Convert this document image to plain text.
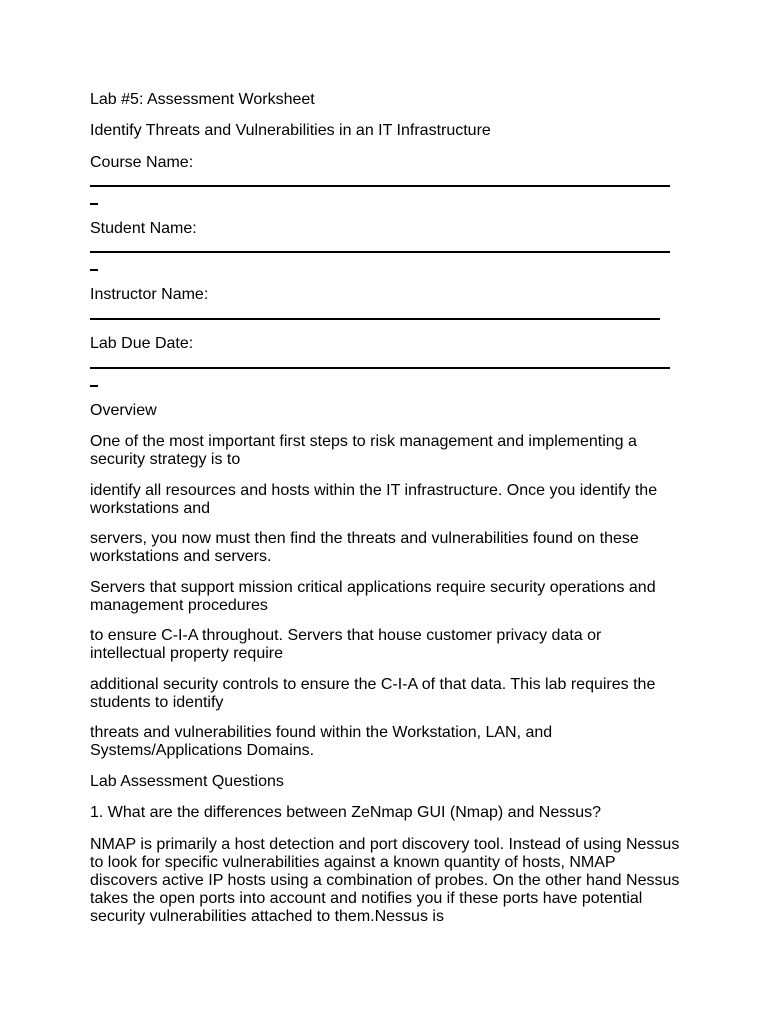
Lab #5: Assessment Worksheet

Identify Threats and Vulnerabilities in an IT Infrastructure

Course Name:

Student Name:

Instructor Name:

Lab Due Date:

Overview

One of the most important first steps to risk management and implementing a security strategy is to

identify all resources and hosts within the IT infrastructure. Once you identify the workstations and

servers, you now must then find the threats and vulnerabilities found on these workstations and servers.

Servers that support mission critical applications require security operations and management procedures

to ensure C-I-A throughout. Servers that house customer privacy data or intellectual property require

additional security controls to ensure the C-I-A of that data. This lab requires the students to identify

threats and vulnerabilities found within the Workstation, LAN, and Systems/Applications Domains.

Lab Assessment Questions

1. What are the differences between ZeNmap GUI (Nmap) and Nessus?

NMAP is primarily a host detection and port discovery tool. Instead of using Nessus to look for specific vulnerabilities against a known quantity of hosts, NMAP discovers active IP hosts using a combination of probes. On the other hand Nessus takes the open ports into account and notifies you if these ports have potential security vulnerabilities attached to them.Nessus is
